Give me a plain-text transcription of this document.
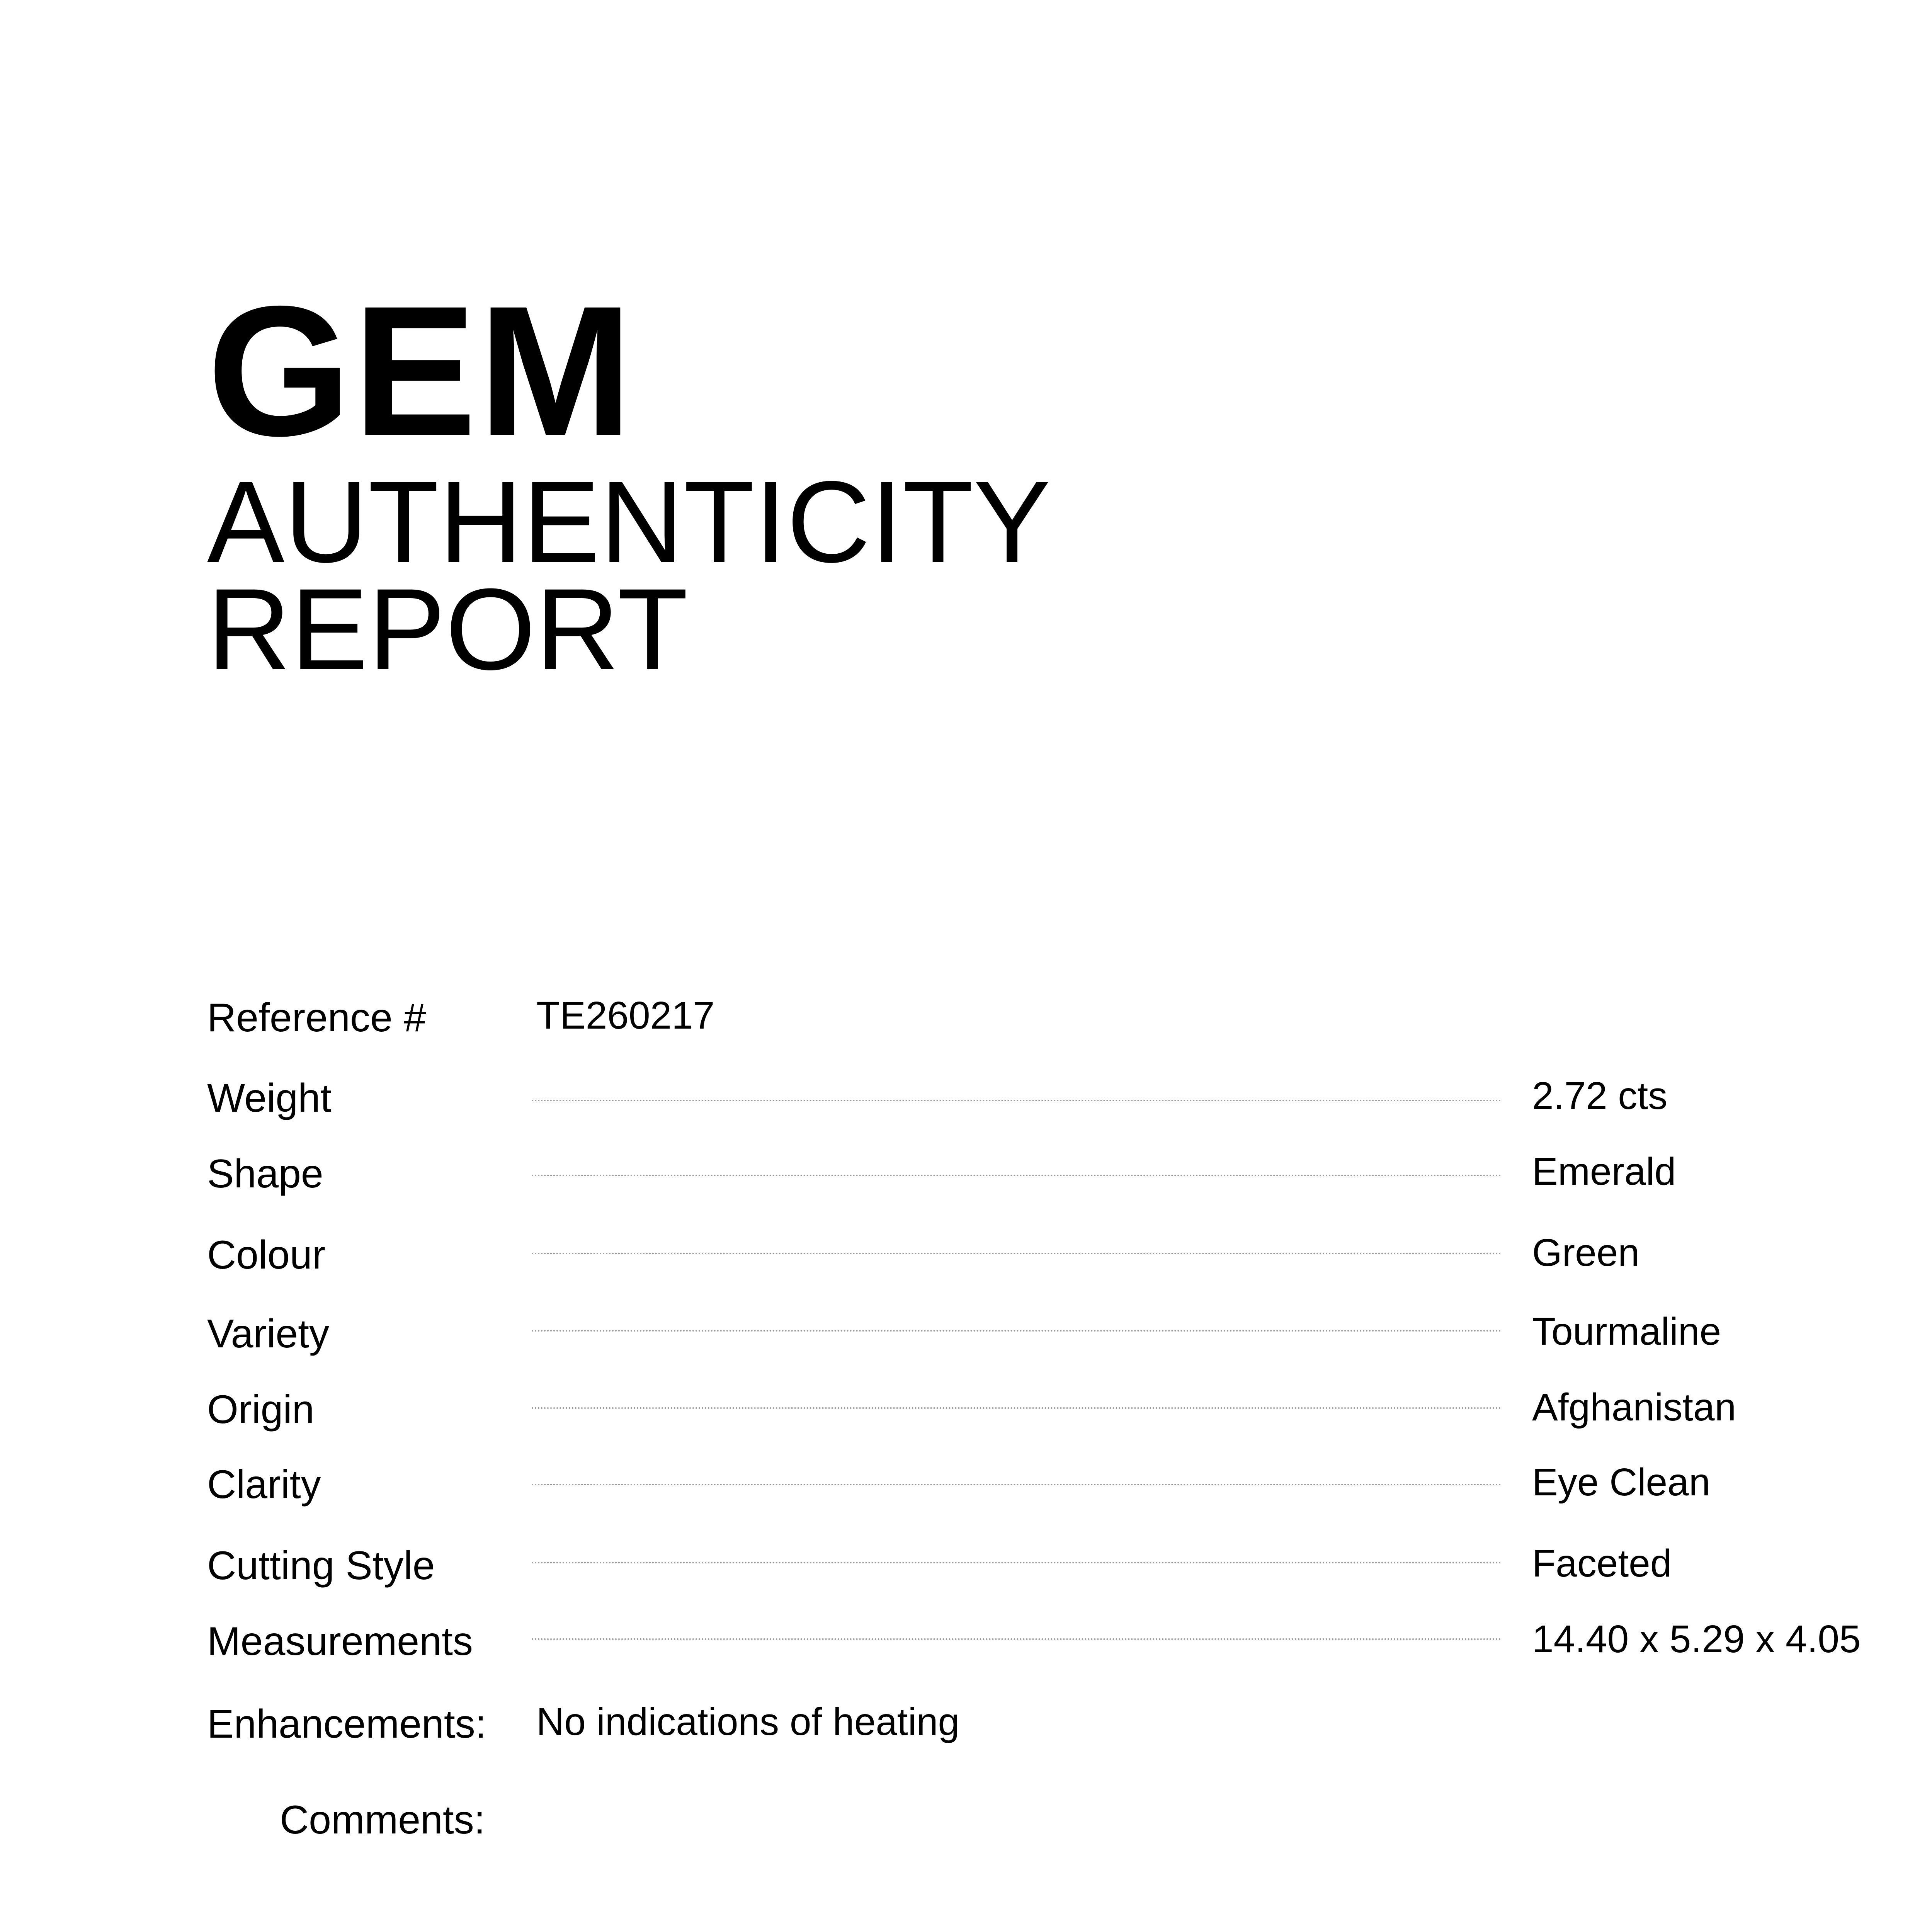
GEM
AUTHENTICITY
REPORT
Reference #	TE260217
Weight	2.72 cts
Shape	Emerald
Colour	Green
Variety	Tourmaline
Origin	Afghanistan
Clarity	Eye Clean
Cutting Style	Faceted
Measurements	14.40 x 5.29 x 4.05
Enhancements: No indications of heating
Comments:
